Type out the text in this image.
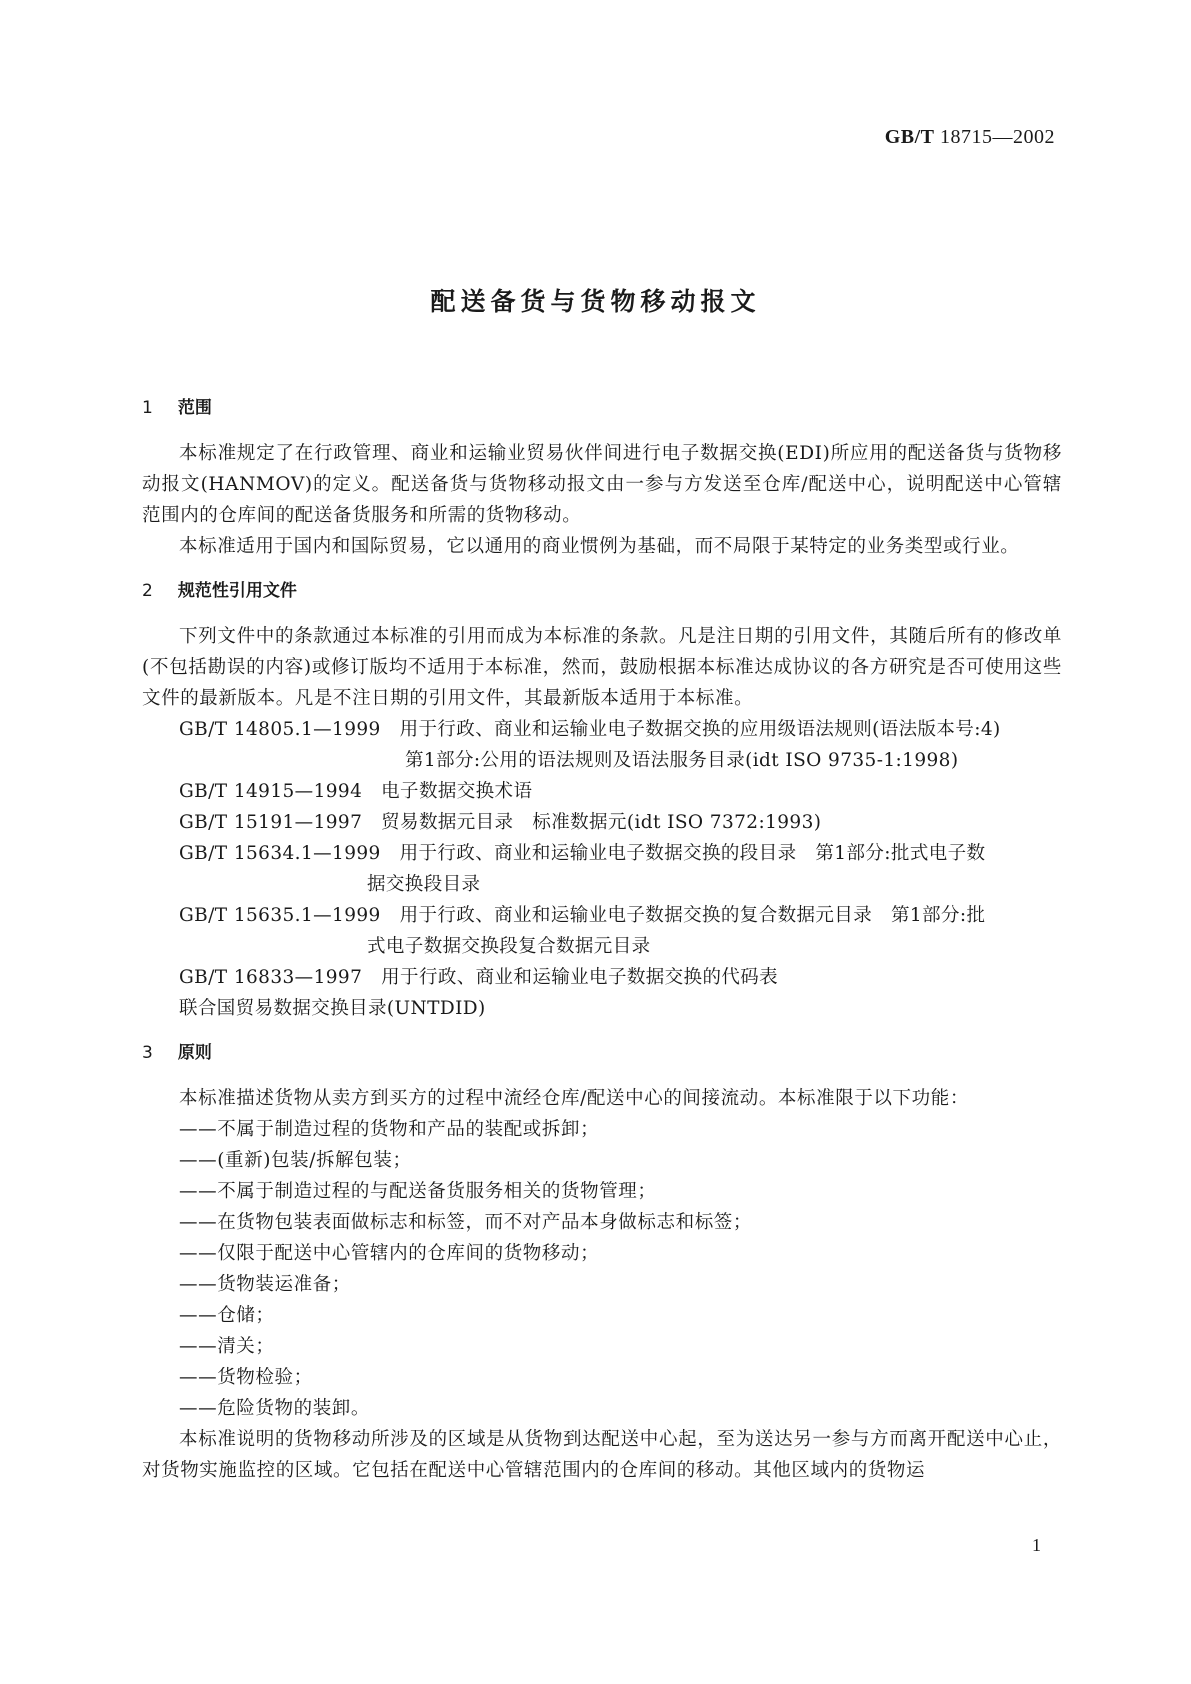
GB/T 18715—2002
配送备货与货物移动报文
1 范围

本标准规定了在行政管理、商业和运输业贸易伙伴间进行电子数据交换(EDI)所应用的配送备货与货物移动报文(HANMOV)的定义。配送备货与货物移动报文由一参与方发送至仓库/配送中心，说明配送中心管辖范围内的仓库间的配送备货服务和所需的货物移动。

本标准适用于国内和国际贸易，它以通用的商业惯例为基础，而不局限于某特定的业务类型或行业。

2 规范性引用文件

下列文件中的条款通过本标准的引用而成为本标准的条款。凡是注日期的引用文件，其随后所有的修改单(不包括勘误的内容)或修订版均不适用于本标准，然而，鼓励根据本标准达成协议的各方研究是否可使用这些文件的最新版本。凡是不注日期的引用文件，其最新版本适用于本标准。

GB/T 14805.1—1999　用于行政、商业和运输业电子数据交换的应用级语法规则(语法版本号:4)

第1部分:公用的语法规则及语法服务目录(idt ISO 9735-1:1998)

GB/T 14915—1994　电子数据交换术语

GB/T 15191—1997　贸易数据元目录　标准数据元(idt ISO 7372:1993)

GB/T 15634.1—1999　用于行政、商业和运输业电子数据交换的段目录　第1部分:批式电子数

据交换段目录

GB/T 15635.1—1999　用于行政、商业和运输业电子数据交换的复合数据元目录　第1部分:批

式电子数据交换段复合数据元目录

GB/T 16833—1997　用于行政、商业和运输业电子数据交换的代码表

联合国贸易数据交换目录(UNTDID)

3 原则

本标准描述货物从卖方到买方的过程中流经仓库/配送中心的间接流动。本标准限于以下功能：

——不属于制造过程的货物和产品的装配或拆卸；

——(重新)包装/拆解包装；

——不属于制造过程的与配送备货服务相关的货物管理；

——在货物包装表面做标志和标签，而不对产品本身做标志和标签；

——仅限于配送中心管辖内的仓库间的货物移动；

——货物装运准备；

——仓储；

——清关；

——货物检验；

——危险货物的装卸。

本标准说明的货物移动所涉及的区域是从货物到达配送中心起，至为送达另一参与方而离开配送中心止，对货物实施监控的区域。它包括在配送中心管辖范围内的仓库间的移动。其他区域内的货物运

1
